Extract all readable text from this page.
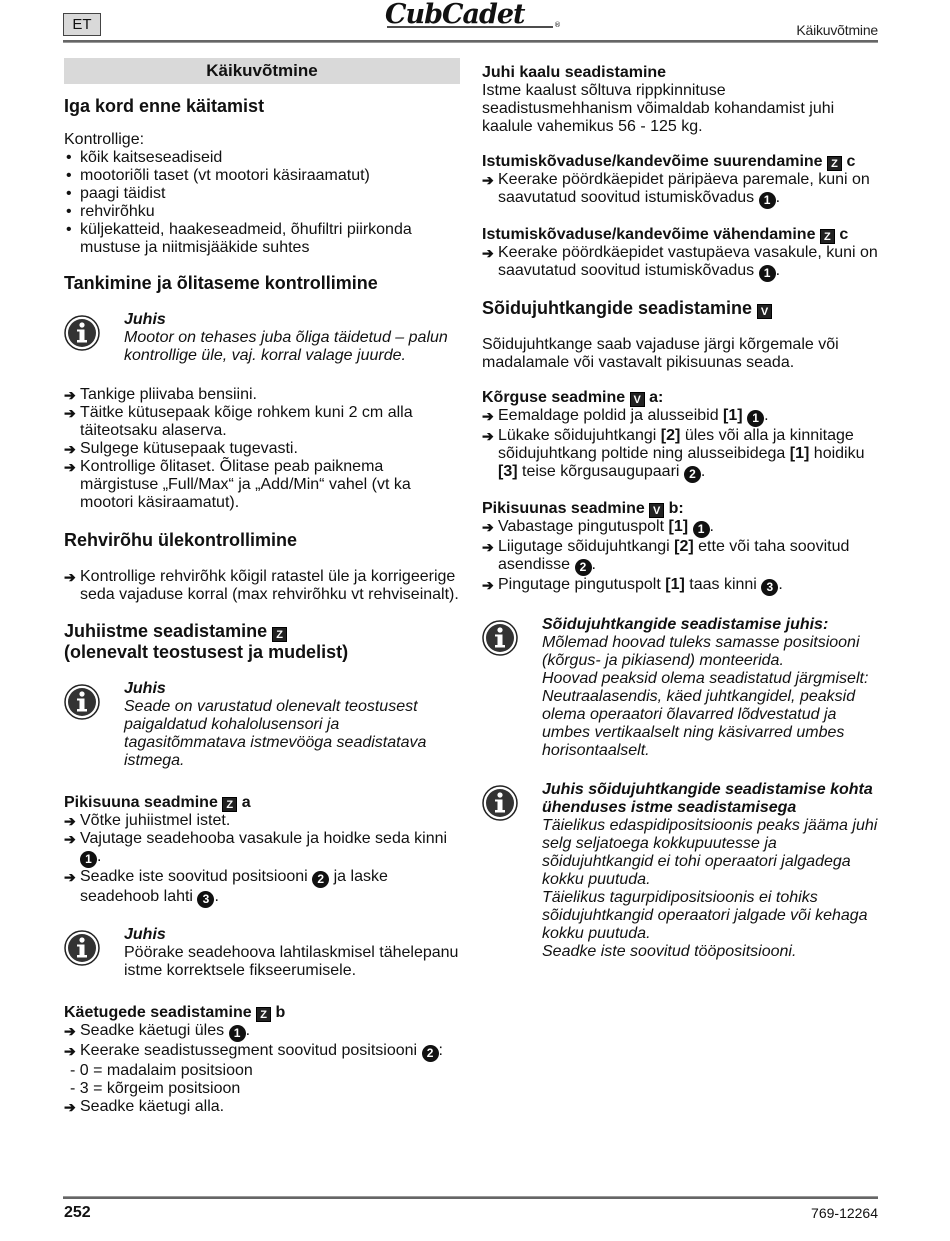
ET	CubCadet	®	Käikuvõtmine
Käikuvõtmine
Iga kord enne käitamist

Kontrollige:

• kõik kaitseseadiseid
• mootoriõli taset (vt mootori käsiraamatut)
• paagi täidist
• rehvirõhku
• küljekatteid, haakeseadmeid, õhufiltri piirkonda mustuse ja niitmisjääkide suhtes
Tankimine ja õlitaseme kontrollimine
Juhis
Mootor on tehases juba õliga täidetud – palun kontrollige üle, vaj. korral valage juurde.
➔ Tankige pliivaba bensiini.
➔ Täitke kütusepaak kõige rohkem kuni 2 cm alla täiteotsaku alaserva.
➔ Sulgege kütusepaak tugevasti.
➔ Kontrollige õlitaset. Õlitase peab paiknema märgistuse „Full/Max“ ja „Add/Min“ vahel (vt ka mootori käsiraamatut).
Rehvirõhu ülekontrollimine
➔ Kontrollige rehvirõhk kõigil ratastel üle ja korrigeerige seda vajaduse korral (max rehvirõhku vt rehviseinalt).
Juhiistme seadistamine Z
(olenevalt teostusest ja mudelist)
Juhis
Seade on varustatud olenevalt teostusest paigaldatud kohalolusensori ja tagasitõmmatava istmevööga seadistatava istmega.
Pikisuuna seadmine Z a
➔ Võtke juhiistmel istet.
➔ Vajutage seadehooba vasakule ja hoidke seda kinni 1 .
➔ Seadke iste soovitud positsiooni 2 ja laske seadehoob lahti 3 .
Juhis
Pöörake seadehoova lahtilaskmisel tähelepanu istme korrektsele fikseerumisele.
Käetugede seadistamine Z b
➔ Seadke käetugi üles 1 .
➔ Keerake seadistussegment soovitud positsiooni 2 :
- 0 = madalaim positsioon
- 3 = kõrgeim positsioon
➔ Seadke käetugi alla.
Juhi kaalu seadistamine

Istme kaalust sõltuva rippkinnituse seadistusmehhanism võimaldab kohandamist juhi kaalule vahemikus 56 - 125 kg.

Istumiskõvaduse/kandevõime suurendamine Z c
➔ Keerake pöördkäepidet päripäeva paremale, kuni on saavutatud soovitud istumiskõvadus 1 .
Istumiskõvaduse/kandevõime vähendamine Z c
➔ Keerake pöördkäepidet vastupäeva vasakule, kuni on saavutatud soovitud istumiskõvadus 1 .
Sõidujuhtkangide seadistamine V

Sõidujuhtkange saab vajaduse järgi kõrgemale või madalamale või vastavalt pikisuunas seada.

Kõrguse seadmine V a:
➔ Eemaldage poldid ja alusseibid [1] 1 .
➔ Lükake sõidujuhtkangi [2] üles või alla ja kinnitage sõidujuhtkang poltide ning alusseibidega [1] hoidiku [3] teise kõrgusaugupaari 2 .
Pikisuunas seadmine V b:
➔ Vabastage pingutuspolt [1] 1 .
➔ Liigutage sõidujuhtkangi [2] ette või taha soovitud asendisse 2 .
➔ Pingutage pingutuspolt [1] taas kinni 3 .
Sõidujuhtkangide seadistamise juhis:
Mõlemad hoovad tuleks samasse positsiooni (kõrgus- ja pikiasend) monteerida.
Hoovad peaksid olema seadistatud järgmiselt:
Neutraalasendis, käed juhtkangidel, peaksid olema operaatori õlavarred lõdvestatud ja umbes vertikaalselt ning käsivarred umbes horisontaalselt.
Juhis sõidujuhtkangide seadistamise kohta ühenduses istme seadistamisega
Täielikus edaspidipositsioonis peaks jääma juhi selg seljatoega kokkupuutesse ja sõidujuhtkangid ei tohi operaatori jalgadega kokku puutuda.
Täielikus tagurpidipositsioonis ei tohiks sõidujuhtkangid operaatori jalgade või kehaga kokku puutuda.
Seadke iste soovitud tööpositsiooni.
252	769-12264
